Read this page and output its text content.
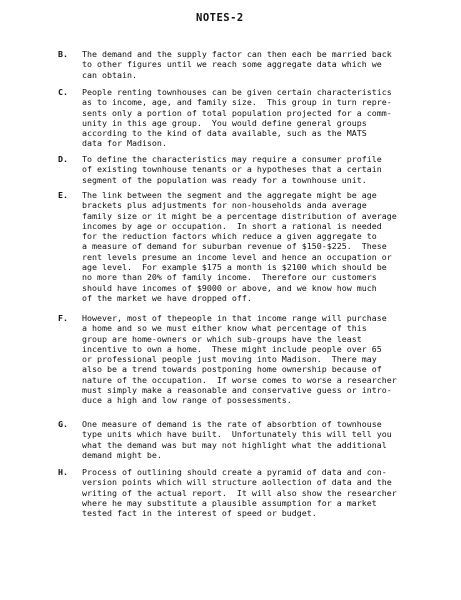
NOTES-2
B.	The demand and the supply factor can then each be married back
to other figures until we reach some aggregate data which we
can obtain.
C.	People renting townhouses can be given certain characteristics
as to income, age, and family size.  This group in turn repre-
sents only a portion of total population projected for a comm-
unity in this age group.  You would define general groups
according to the kind of data available, such as the MATS
data for Madison.
D.	To define the characteristics may require a consumer profile
of existing townhouse tenants or a hypotheses that a certain
segment of the population was ready for a townhouse unit.
E.	The link between the segment and the aggregate might be age
brackets plus adjustments for non-households anda average
family size or it might be a percentage distribution of average
incomes by age or occupation.  In short a rational is needed
for the reduction factors which reduce a given aggregate to
a measure of demand for suburban revenue of $150-$225.  These
rent levels presume an income level and hence an occupation or
age level.  For example $175 a month is $2100 which should be
no more than 20% of family income.  Therefore our customers
should have incomes of $9000 or above, and we know how much
of the market we have dropped off.
F.	However, most of thepeople in that income range will purchase
a home and so we must either know what percentage of this
group are home-owners or which sub-groups have the least
incentive to own a home.  These might include people over 65
or professional people just moving into Madison.  There may
also be a trend towards postponing home ownership because of
nature of the occupation.  If worse comes to worse a researcher
must simply make a reasonable and conservative guess or intro-
duce a high and low range of possessments.
G.	One measure of demand is the rate of absorbtion of townhouse
type units which have built.  Unfortunately this will tell you
what the demand was but may not highlight what the additional
demand might be.
H.	Process of outlining should create a pyramid of data and con-
version points which will structure aollection of data and the
writing of the actual report.  It will also show the researcher
where he may substitute a plausible assumption for a market
tested fact in the interest of speed or budget.
